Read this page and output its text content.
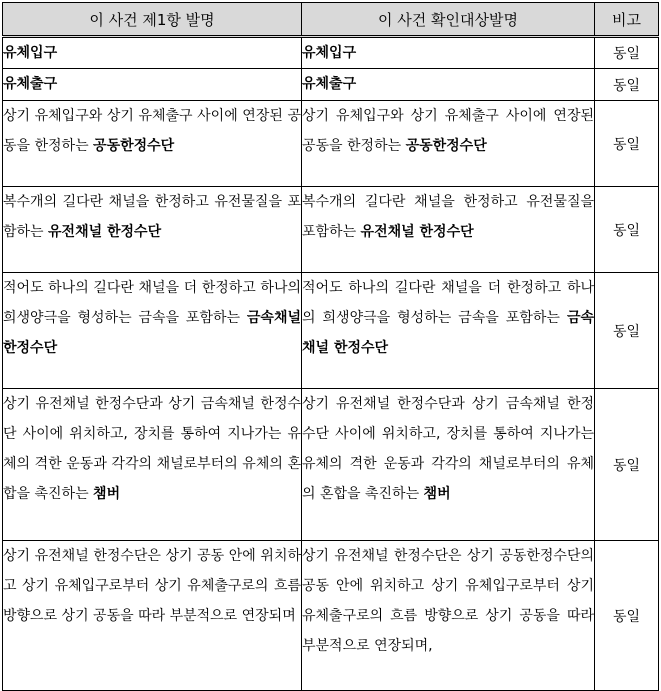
이 사건 제1항 발명	이 사건 확인대상발명	비고
유체입구	유체입구	동일
유체출구	유체출구	동일
상기 유체입구와 상기 유체출구 사이에 연장된 공동을 한정하는 공동한정수단	상기 유체입구와 상기 유체출구 사이에 연장된 공동을 한정하는 공동한정수단	동일
복수개의 길다란 채널을 한정하고 유전물질을 포함하는 유전채널 한정수단	복수개의 길다란 채널을 한정하고 유전물질을 포함하는 유전채널 한정수단	동일
적어도 하나의 길다란 채널을 더 한정하고 하나의 희생양극을 형성하는 금속을 포함하는 금속채널 한정수단	적어도 하나의 길다란 채널을 더 한정하고 하나의 희생양극을 형성하는 금속을 포함하는 금속채널 한정수단	동일
상기 유전채널 한정수단과 상기 금속채널 한정수단 사이에 위치하고, 장치를 통하여 지나가는 유체의 격한 운동과 각각의 채널로부터의 유체의 혼합을 촉진하는 챔버	상기 유전채널 한정수단과 상기 금속채널 한정수단 사이에 위치하고, 장치를 통하여 지나가는 유체의 격한 운동과 각각의 채널로부터의 유체의 혼합을 촉진하는 챔버	동일
상기 유전채널 한정수단은 상기 공동 안에 위치하고 상기 유체입구로부터 상기 유체출구로의 흐름 방향으로 상기 공동을 따라 부분적으로 연장되며	상기 유전채널 한정수단은 상기 공동한정수단의 공동 안에 위치하고 상기 유체입구로부터 상기 유체출구로의 흐름 방향으로 상기 공동을 따라 부분적으로 연장되며,	동일
